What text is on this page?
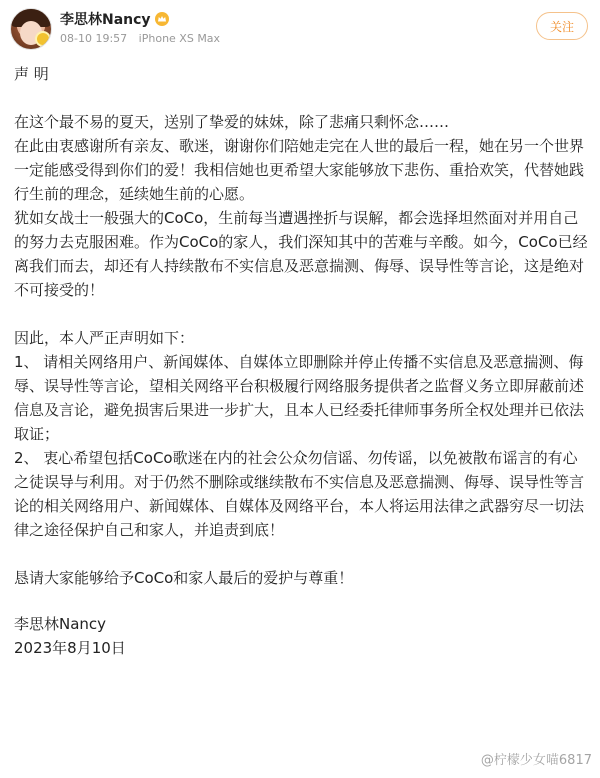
李思林Nancy
08-10 19:57 iPhone XS Max
关注

声 明

在这个最不易的夏天，送别了挚爱的妹妹，除了悲痛只剩怀念……

在此由衷感谢所有亲友、歌迷，谢谢你们陪她走完在人世的最后一程，她在另一个世界一定能感受得到你们的爱！我相信她也更希望大家能够放下悲伤、重拾欢笑，代替她践行生前的理念，延续她生前的心愿。

犹如女战士一般强大的CoCo，生前每当遭遇挫折与误解，都会选择坦然面对并用自己的努力去克服困难。作为CoCo的家人，我们深知其中的苦难与辛酸。如今，CoCo已经离我们而去，却还有人持续散布不实信息及恶意揣测、侮辱、误导性等言论，这是绝对不可接受的！

因此，本人严正声明如下：

1、 请相关网络用户、新闻媒体、自媒体立即删除并停止传播不实信息及恶意揣测、侮辱、误导性等言论，望相关网络平台积极履行网络服务提供者之监督义务立即屏蔽前述信息及言论，避免损害后果进一步扩大，且本人已经委托律师事务所全权处理并已依法取证；

2、 衷心希望包括CoCo歌迷在内的社会公众勿信谣、勿传谣，以免被散布谣言的有心之徒误导与利用。对于仍然不删除或继续散布不实信息及恶意揣测、侮辱、误导性等言论的相关网络用户、新闻媒体、自媒体及网络平台，本人将运用法律之武器穷尽一切法律之途径保护自己和家人，并追责到底！

恳请大家能够给予CoCo和家人最后的爱护与尊重！

李思林Nancy

2023年8月10日

@柠檬少女喵6817
